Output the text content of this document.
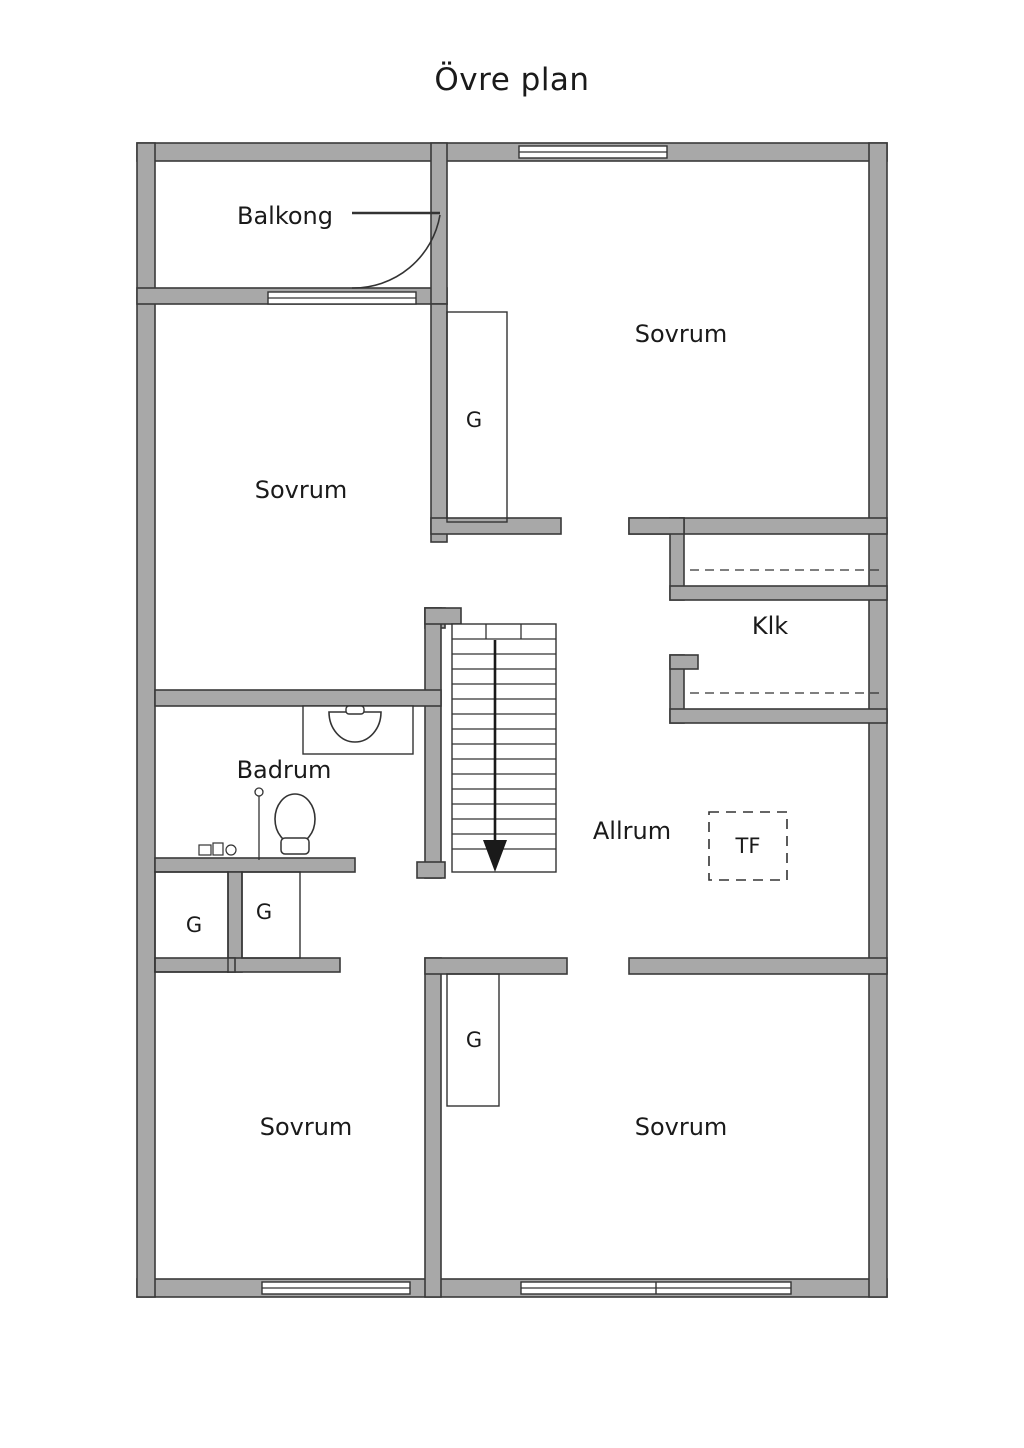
Övre plan
Balkong
Sovrum
Sovrum
Klk
Badrum
Allrum
Sovrum	Sovrum
G
G
G
G
TF
